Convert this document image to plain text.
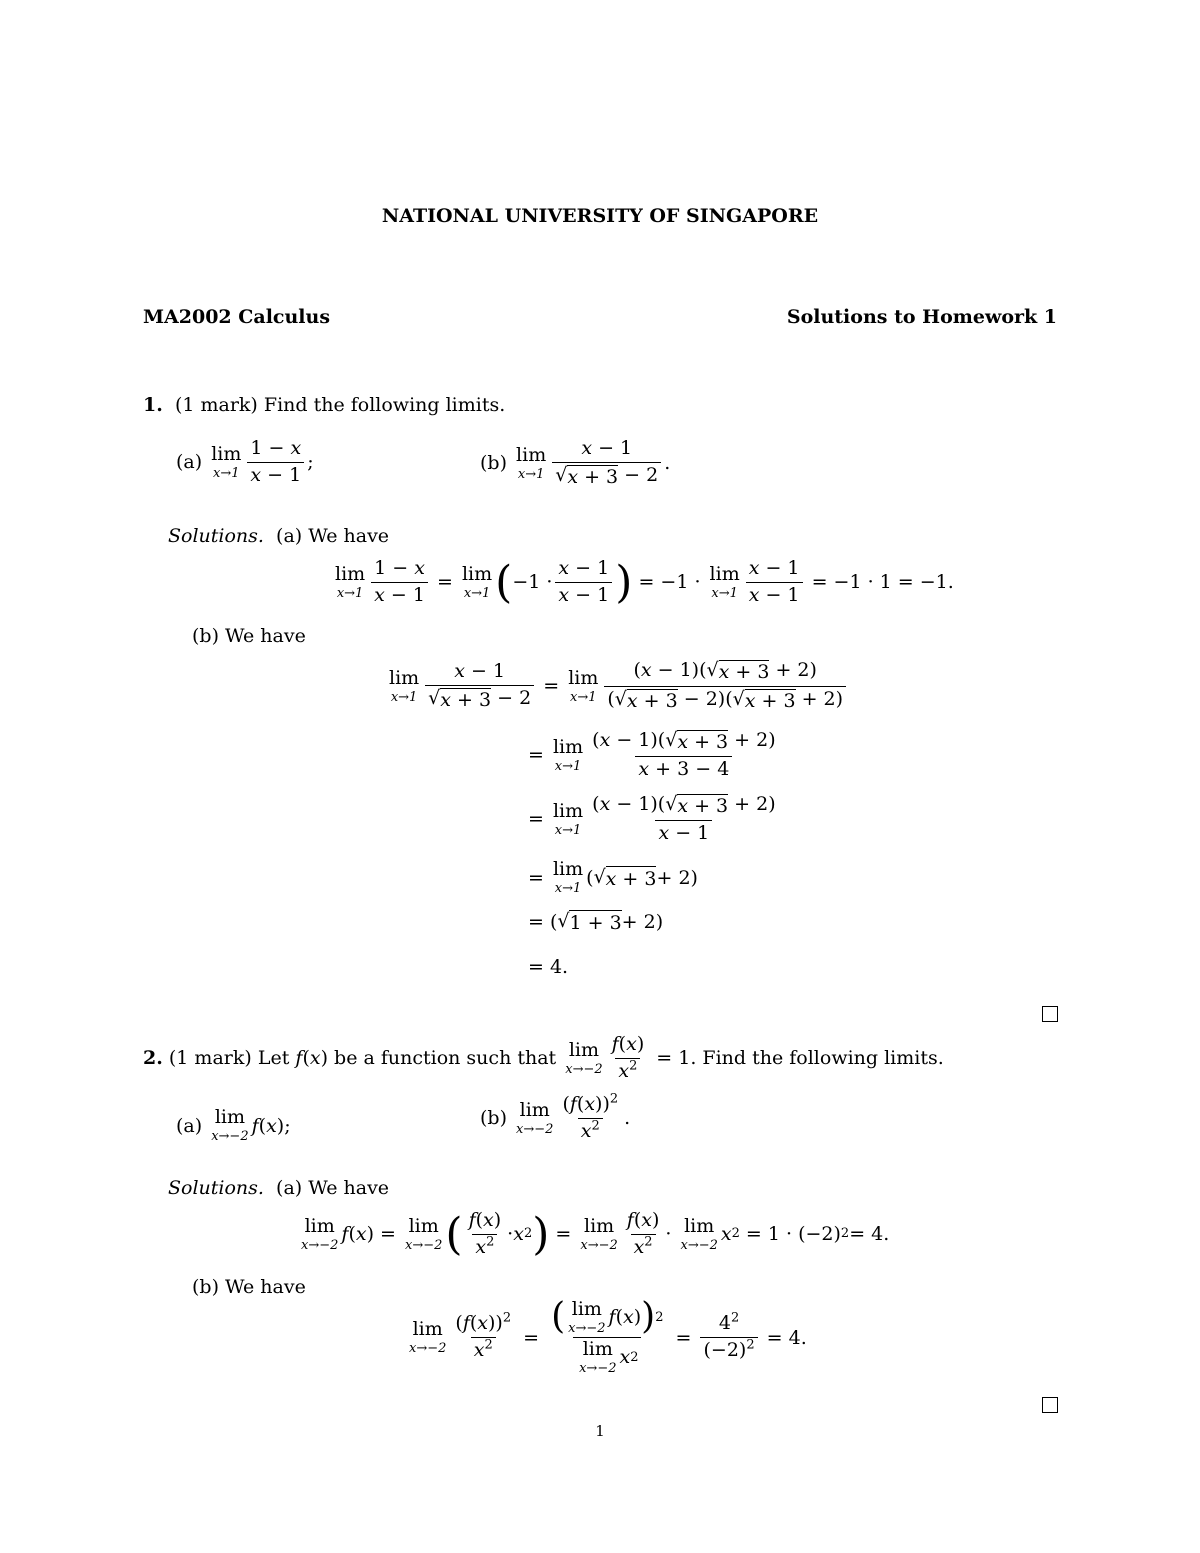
NATIONAL UNIVERSITY OF SINGAPORE
MA2002 Calculus	Solutions to Homework 1
1. (1 mark) Find the following limits.
(a)
lim
$x\to 1 \frac{1 - x}{x - 1}$ ;	(b)
lim
$x\to 1 \frac{x - 1}{√ x + 3 - 2}$ .
Solutions. (a) We have
lim
$x\to 1 \frac{1 - x}{x - 1} = \lim$
x→1 ( $-1 \cdot \frac{x - 1}{x - 1}$ ) = −1 · lim
$x\to 1 \frac{x - 1}{x - 1} = -1 \cdot 1 = -1$.
(b) We have
lim
$x\to 1 \frac{x - 1}{√ x + 3 - 2} = \lim$
$x\to 1 \frac{(x - 1)( √ x + 3 + 2)}{( √ x + 3 - 2)( √ x + 3 + 2)}$
= lim
$x\to 1 \frac{(x - 1)( √ x + 3 + 2)}{x + 3 - 4}$
= lim
$x\to 1 \frac{(x - 1)( √ x + 3 + 2)}{x - 1}$
= lim
x→1 ( √ x + 3 + 2)
= ( √ 1 + 3 + 2)
= 4.
2.
(1 mark)
Let
f(x)
be a function such that
lim
$x\to-2 \frac{f(x)}{x^2}$
= 1. Find the following limits.
(a)
lim
x→−2 f(x);	(b)
lim
$x\to-2 \frac{(f(x))^2}{x^2}$ .
Solutions. (a) We have
lim
x→−2 f(x) = lim
x→−2 ( $\frac{f(x)}{x^2} \cdot x$ 2 ) = lim
$x\to-2 \frac{f(x)}{x^2} \cdot \lim$
x→−2 x 2 = 1 · (−2) 2 = 4.
(b) We have
lim
$x\to-2 \frac{(f(x))^2}{x^2}$ = ( lim
x→−2
f ( x ) ) 2
lim
x→−2
x $2 = \frac{4^2}{(-2)^2} = 4$.
1
